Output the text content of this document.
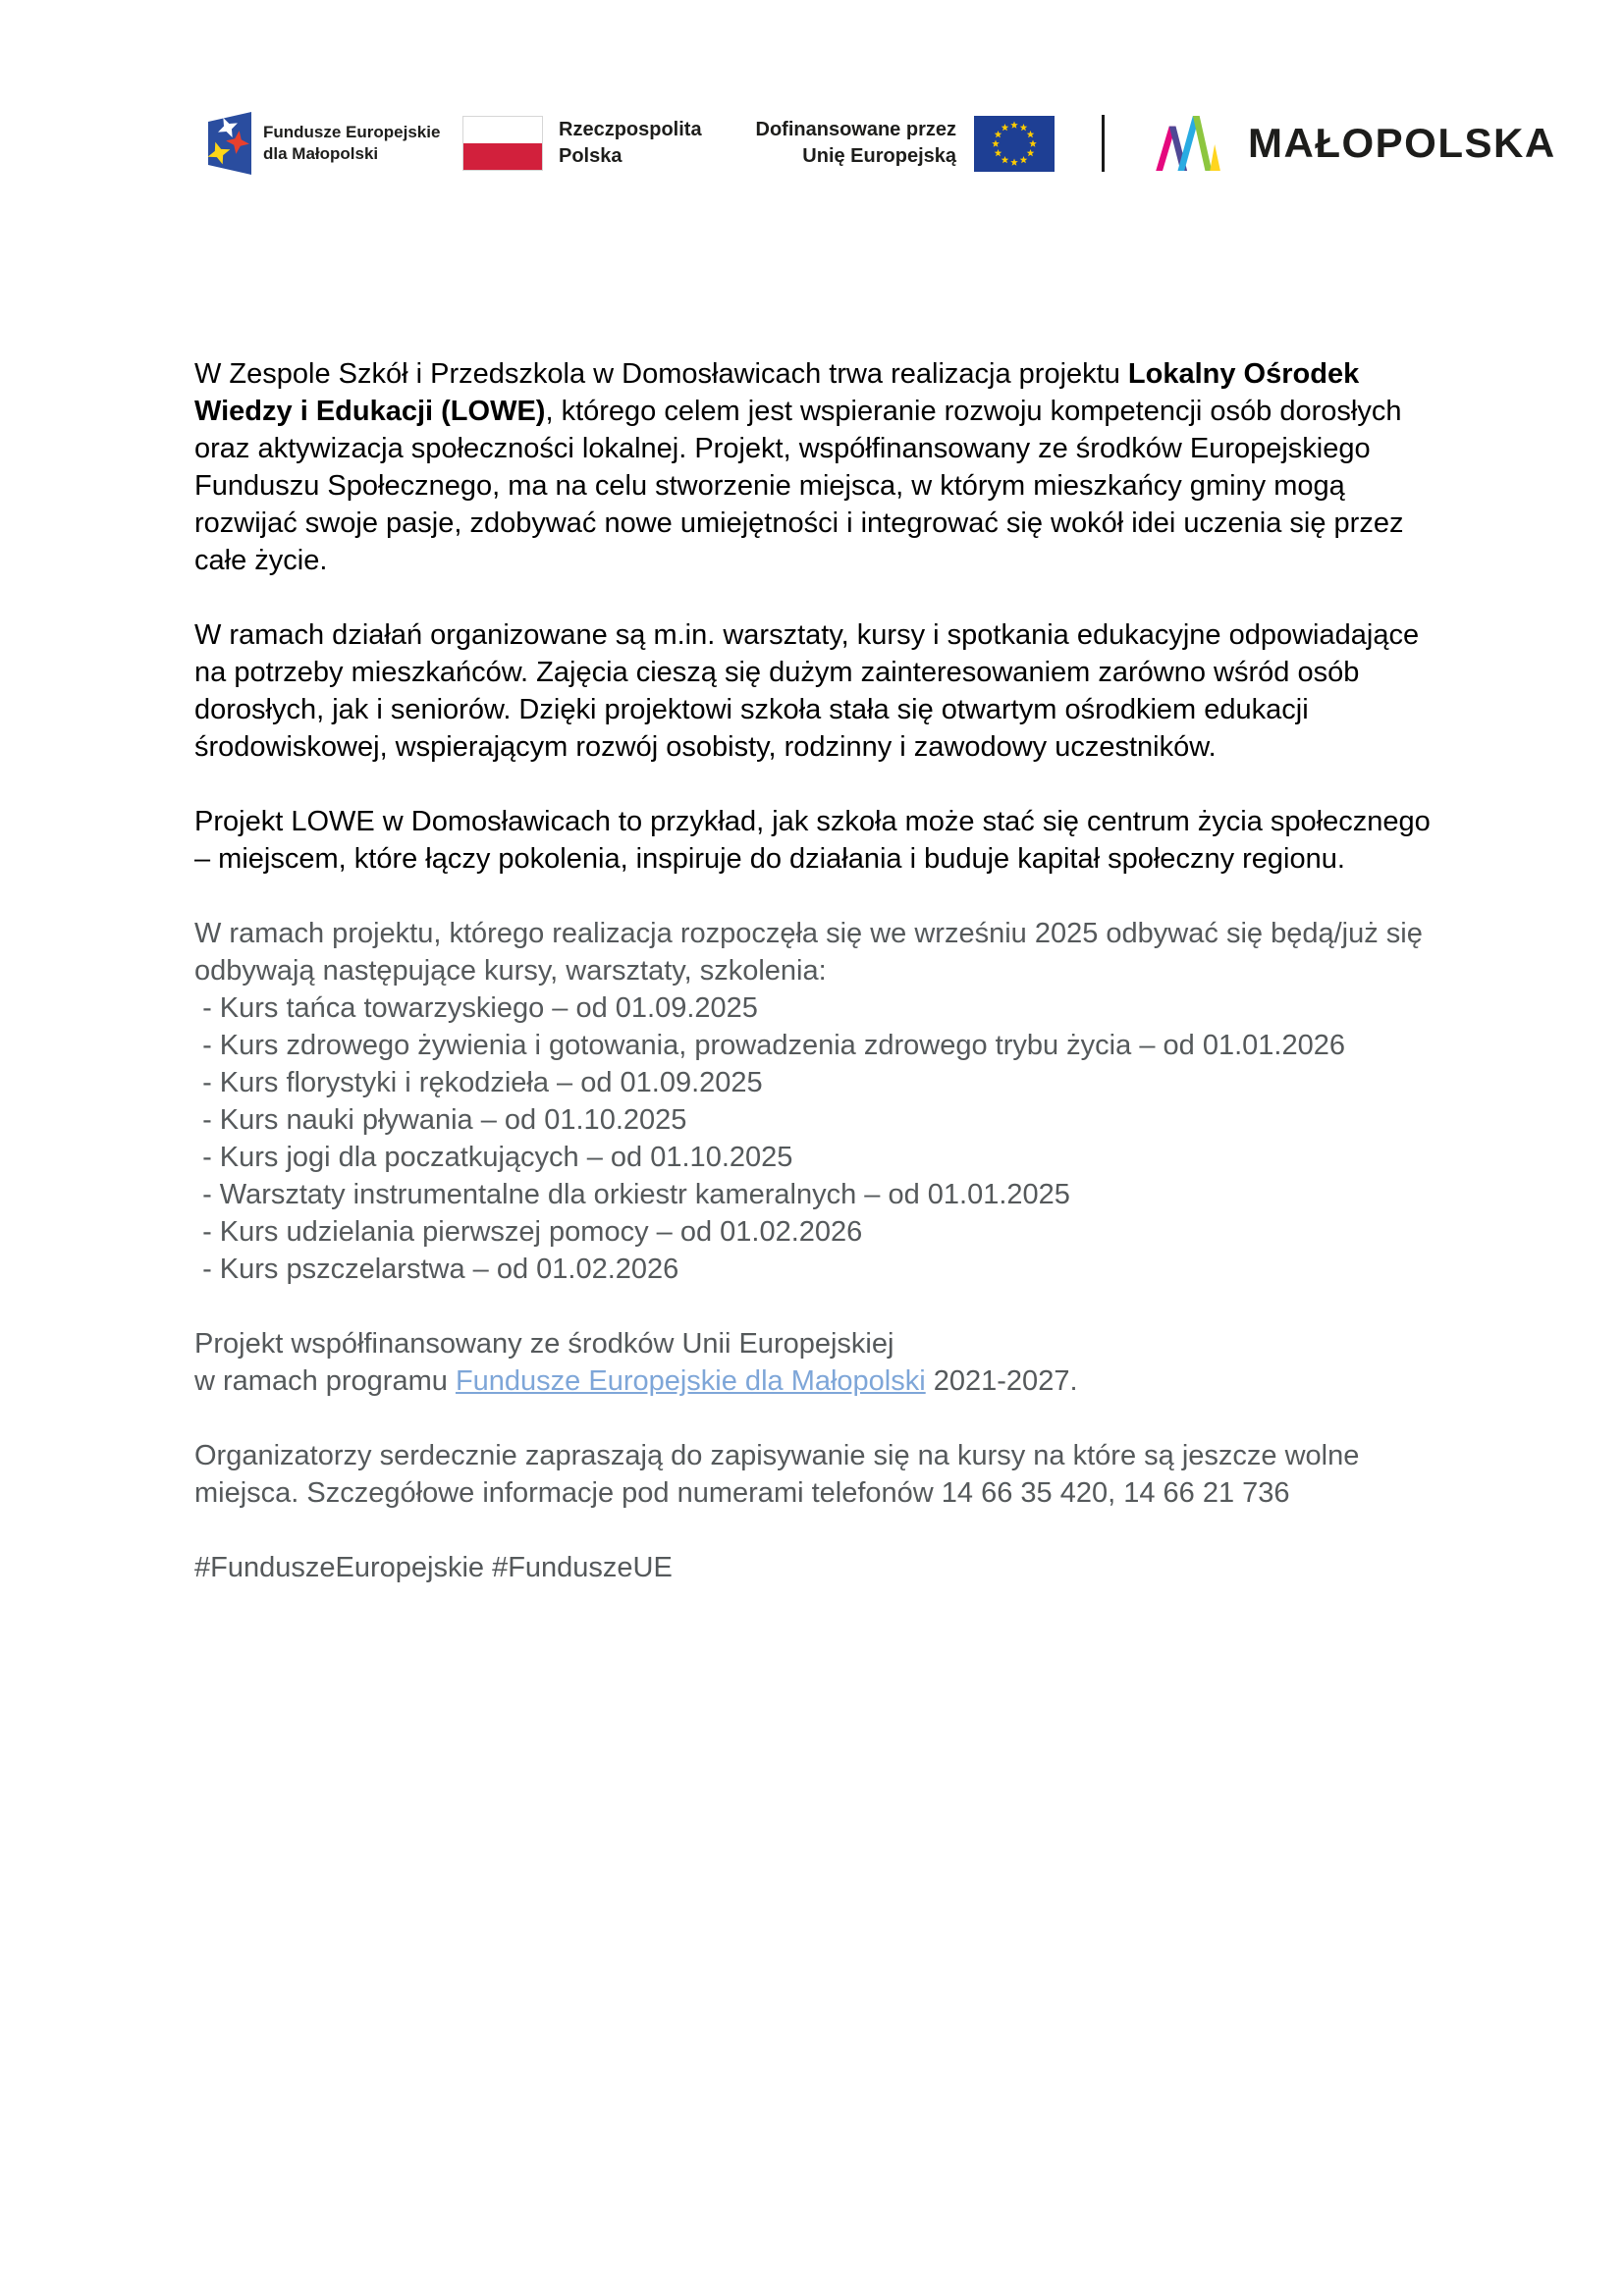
Fundusze Europejskie
dla Małopolski
Rzeczpospolita
Polska
Dofinansowane przez
Unię Europejską	MAŁOPOLSKA

W Zespole Szkół i Przedszkola w Domosławicach trwa realizacja projektu Lokalny Ośrodek Wiedzy i Edukacji (LOWE), którego celem jest wspieranie rozwoju kompetencji osób dorosłych oraz aktywizacja społeczności lokalnej. Projekt, współfinansowany ze środków Europejskiego Funduszu Społecznego, ma na celu stworzenie miejsca, w którym mieszkańcy gminy mogą rozwijać swoje pasje, zdobywać nowe umiejętności i integrować się wokół idei uczenia się przez całe życie.

W ramach działań organizowane są m.in. warsztaty, kursy i spotkania edukacyjne odpowiadające na potrzeby mieszkańców. Zajęcia cieszą się dużym zainteresowaniem zarówno wśród osób dorosłych, jak i seniorów. Dzięki projektowi szkoła stała się otwartym ośrodkiem edukacji środowiskowej, wspierającym rozwój osobisty, rodzinny i zawodowy uczestników.

Projekt LOWE w Domosławicach to przykład, jak szkoła może stać się centrum życia społecznego – miejscem, które łączy pokolenia, inspiruje do działania i buduje kapitał społeczny regionu.

W ramach projektu, którego realizacja rozpoczęła się we wrześniu 2025 odbywać się będą/już się odbywają następujące kursy, warsztaty, szkolenia:
- Kurs tańca towarzyskiego – od 01.09.2025
- Kurs zdrowego żywienia i gotowania, prowadzenia zdrowego trybu życia – od 01.01.2026
- Kurs florystyki i rękodzieła – od 01.09.2025
- Kurs nauki pływania – od 01.10.2025
- Kurs jogi dla poczatkujących – od 01.10.2025
- Warsztaty instrumentalne dla orkiestr kameralnych – od 01.01.2025
- Kurs udzielania pierwszej pomocy – od 01.02.2026
- Kurs pszczelarstwa – od 01.02.2026

Projekt współfinansowany ze środków Unii Europejskiej
w ramach programu Fundusze Europejskie dla Małopolski 2021-2027.

Organizatorzy serdecznie zapraszają do zapisywanie się na kursy na które są jeszcze wolne miejsca. Szczegółowe informacje pod numerami telefonów 14 66 35 420, 14 66 21 736

#FunduszeEuropejskie #FunduszeUE
